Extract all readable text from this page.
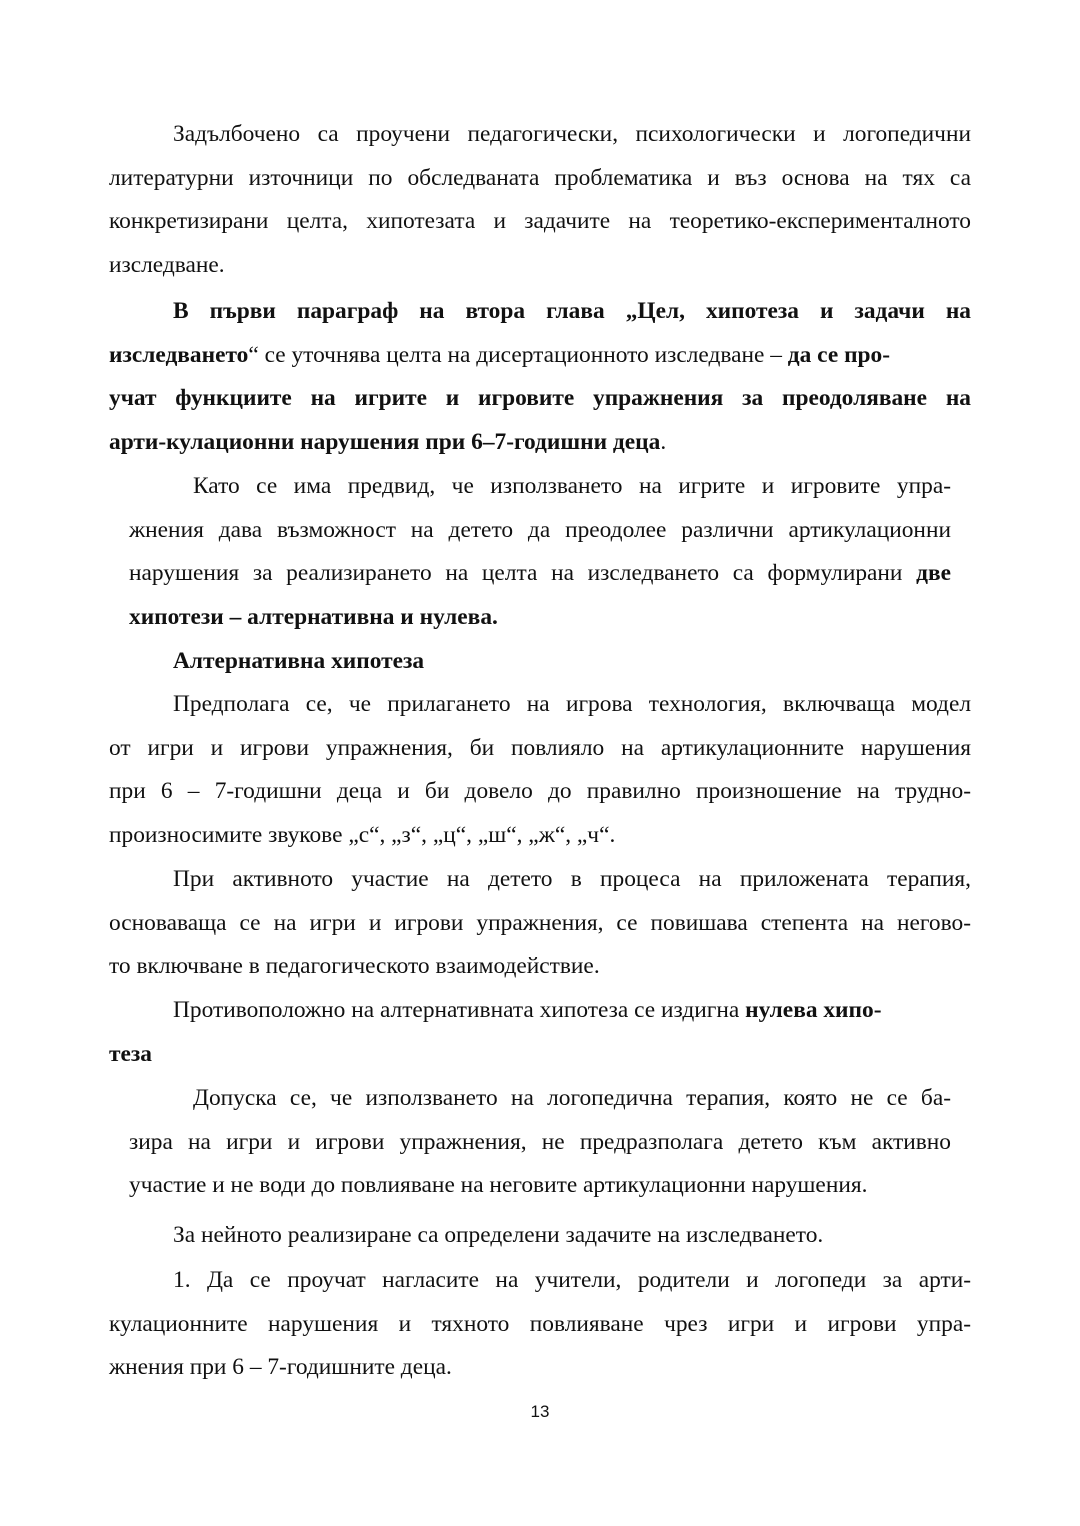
Задълбочено са проучени педагогически, психологически и логопедични
литературни източници по обследваната проблематика и въз основа на тях са
конкретизирани целта, хипотезата и задачите на теоретико-експерименталното
изследване.
В първи параграф на втора глава „Цел, хипотеза и задачи на
изследването“ се уточнява целта на дисертационното изследване – да се про-
учат функциите на игрите и игровите упражнения за преодоляване на
арти-кулационни нарушения при 6–7-годишни деца.
Като се има предвид, че използването на игрите и игровите упра-
жнения дава възможност на детето да преодолее различни артикулационни
нарушения за реализирането на целта на изследването са формулирани две
хипотези – алтернативна и нулева.
Алтернативна хипотеза
Предполага се, че прилагането на игрова технология, включваща модел
от игри и игрови упражнения, би повлияло на артикулационните нарушения
при 6 – 7-годишни деца и би довело до правилно произношение на трудно-
произносимите звукове „с“, „з“, „ц“, „ш“, „ж“, „ч“.
При активното участие на детето в процеса на приложената терапия,
основаваща се на игри и игрови упражнения, се повишава степента на негово-
то включване в педагогическото взаимодействие.
Противоположно на алтернативната хипотеза се издигна нулева хипо-
теза
Допуска се, че използването на логопедична терапия, която не се ба-
зира на игри и игрови упражнения, не предразполага детето към активно
участие и не води до повлияване на неговите артикулационни нарушения.
За нейното реализиране са определени задачите на изследването.
1. Да се проучат нагласите на учители, родители и логопеди за арти-
кулационните нарушения и тяхното повлияване чрез игри и игрови упра-
жнения при 6 – 7-годишните деца.
13
